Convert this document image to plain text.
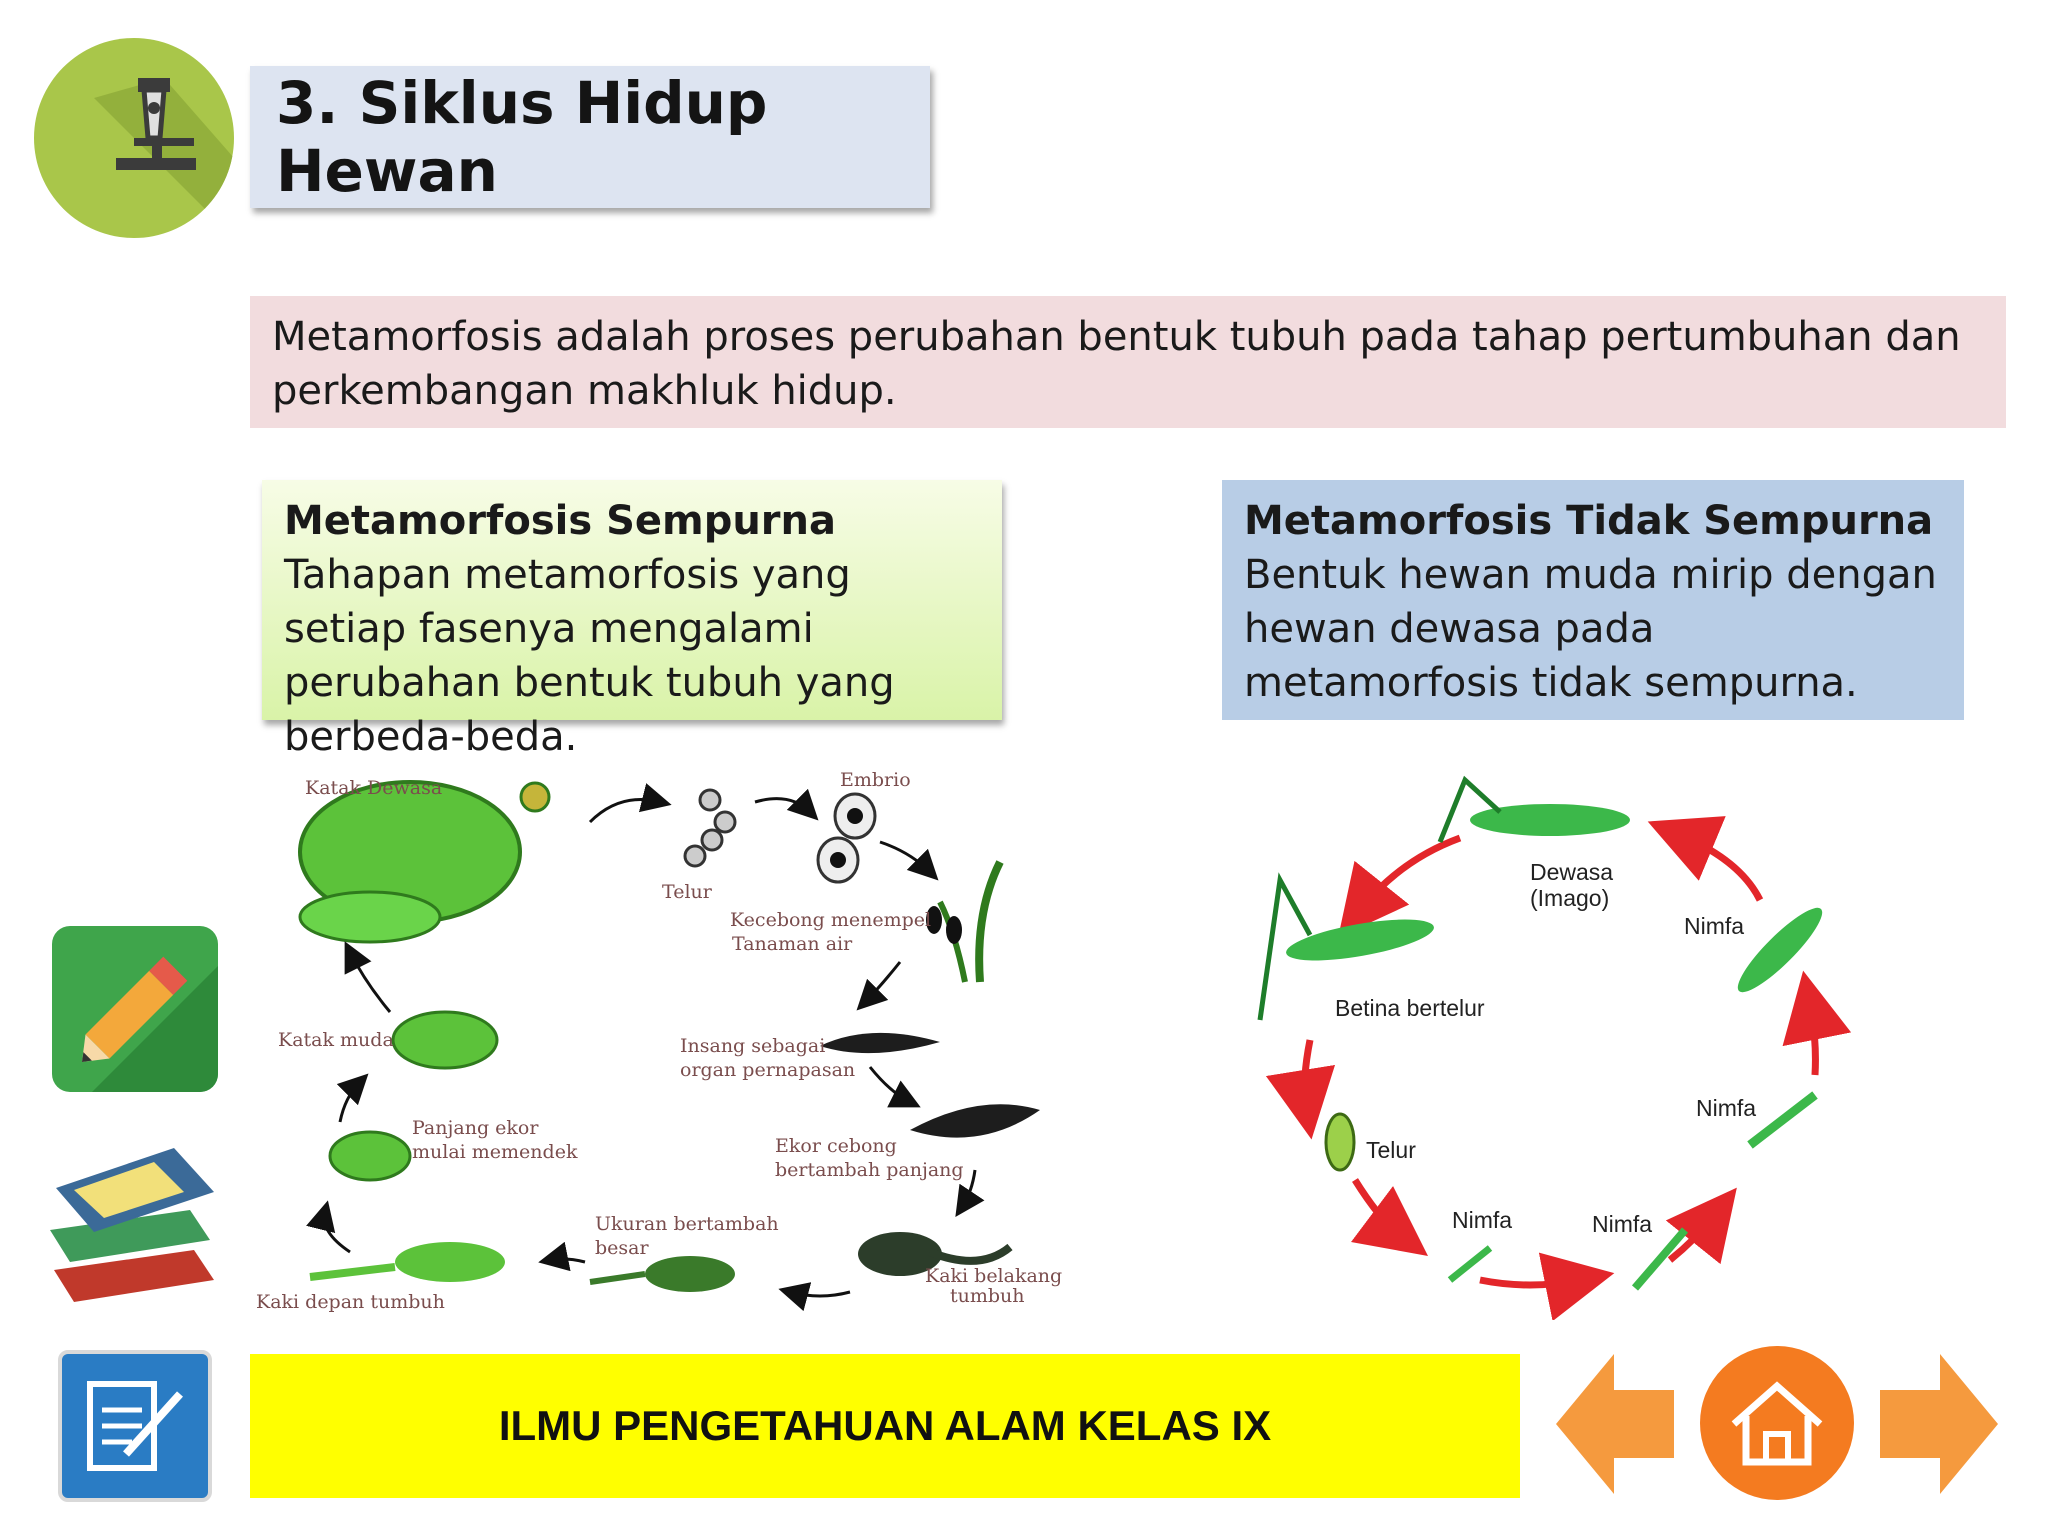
3. Siklus Hidup Hewan
Metamorfosis adalah proses perubahan bentuk tubuh pada tahap pertumbuhan dan perkembangan makhluk hidup.
Metamorfosis Sempurna
Tahapan metamorfosis yang setiap fasenya mengalami perubahan bentuk tubuh yang berbeda-beda.
Metamorfosis Tidak Sempurna
Bentuk hewan muda mirip dengan hewan dewasa pada metamorfosis tidak sempurna.
Katak Dewasa
Telur
Embrio
Kecebong menempel
Tanaman air
Insang sebagai
organ pernapasan
Ekor cebong
bertambah panjang
Kaki belakang
tumbuh
Ukuran bertambah
besar
Kaki depan tumbuh
Panjang ekor
mulai memendek
Katak muda
Dewasa
(Imago)
Betina bertelur
Telur
Nimfa	Nimfa
Nimfa
Nimfa
ILMU PENGETAHUAN ALAM KELAS IX
